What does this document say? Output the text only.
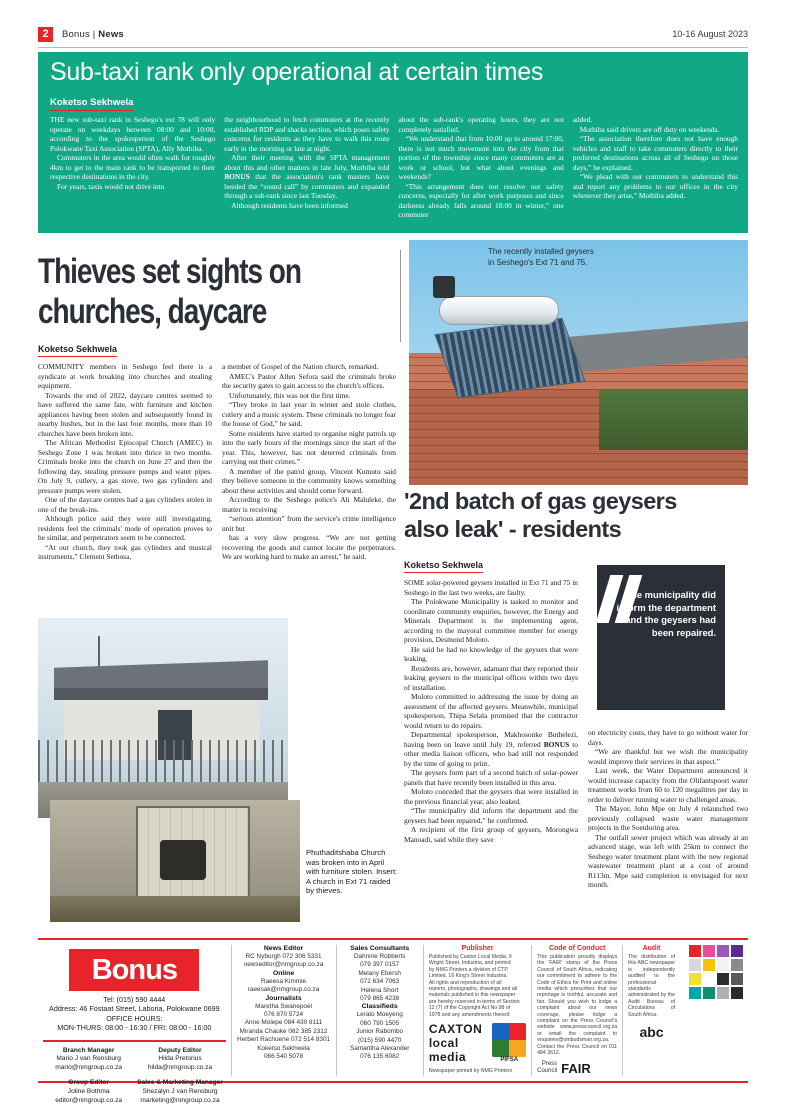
2	Bonus | News	10-16 August 2023
Sub-taxi rank only operational at certain times
Koketso Sekhwela

THE new sub-taxi rank in Seshego's ext 78 will only operate on weekdays between 08:00 and 10:00, according to the spokesperson of the Seshego Polokwane Taxi Association (SPTA), Ally Mothiba.

Commuters in the area would often walk for roughly 4km to get to the main rank to be transported to their respective destinations in the city.

For years, taxis would not drive into

the neighbourhood to fetch commuters at the recently established RDP and shacks section, which poses safety concerns for residents as they have to walk this route early in the morning or late at night.

After their meeting with the SPTA management about this and other matters in late July, Mothiba told BONUS that the association's rank masters have heeded the “sound call” by commuters and expanded through a sub-rank since last Tuesday.

Although residents have been informed

about the sub-rank's operating hours, they are not completely satisfied.

“We understand that from 10:00 up to around 17:00, there is not much movement into the city from that portion of the township since many commuters are at work or school, but what about evenings and weekends?

“This arrangement does not resolve our safety concerns, especially for after work purposes and since darkness already falls around 18:00 in winter,” one commuter

added.

Mothiba said drivers are off duty on weekends.

“The association therefore does not have enough vehicles and staff to take commuters directly to their preferred destinations across all of Seshego on those days,” he explained.

“We plead with our commuters to understand this and report any problems to our offices in the city whenever they arise,” Mothiba added.

Thieves set sights on
churches, daycare
Koketso Sekhwela

COMMUNITY members in Seshego feel there is a syndicate at work breaking into churches and stealing equipment.

Towards the end of 2022, daycare centres seemed to have suffered the same fate, with furniture and kitchen appliances having been stolen and subsequently found in nearby bushes, but in the last four months, more than 10 churches have been broken into.

The African Methodist Episcopal Church (AMEC) in Seshego Zone 1 was broken into thrice in two months. Criminals broke into the church on June 27 and then the following day, stealing pressure pumps and water pipes. On July 9, cutlery, a gas stove, two gas cylinders and pressure pumps were stolen.

One of the daycare centres had a gas cylinders stolen in one of the break-ins.

Although police said they were still investigating, residents feel the criminals' mode of operation proves to be similar, and perpetrators seem to be connected.

“At our church, they took gas cylinders and musical instruments,” Clement Sethosa,

a member of Gospel of the Nation church, remarked.

AMEC's Pastor Allen Sefora said the criminals broke the security gates to gain access to the church's offices.

Unfortunately, this was not the first time.

“They broke in last year in winter and stole clothes, cutlery and a music system. These criminals no longer fear the house of God,” he said.

Some residents have started to organise night patrols up into the early hours of the mornings since the start of the year. This, however, has not deterred criminals from carrying out their crimes.”

A member of the patrol group, Vincent Kumutu said they believe someone in the community knows something about these activities and should come forward.

According to the Seshego police's Ali Maluleke, the matter is receiving

“serious attention” from the service's crime intelligence unit but

has a very slow progress. “We are not getting recovering the goods and cannot locate the perpetrators. We are working hard to make an arrest,” he said.

The recently installed geysers in Seshego's Ext 71 and 75.
'2nd batch of gas geysers
also leak' - residents
Koketso Sekhwela

SOME solar-powered geysers installed in Ext 71 and 75 in Seshego in the last two weeks, are faulty.

The Polokwane Municipality is tasked to monitor and coordinate community enquiries, however, the Energy and Minerals Department is the implementing agent, according to the mayoral committee member for energy provision, Desmond Moloto.

He said he had no knowledge of the geysers that were leaking.

Residents are, however, adamant that they reported their leaking geysers to the municipal offices within two days of installation.

Moloto committed to addressing the issue by doing an assessment of the affected geysers. Meanwhile, municipal spokesperson, Thipa Selala promised that the contractor would return to do repairs.

Departmental spokesperson, Makhosonke Buthelezi, having been on leave until July 19, referred BONUS to other media liaison officers, who had still not responded by the time of going to print.

The geysers form part of a second batch of solar-power panels that have recently been installed in this area.

Moloto conceded that the geysers that were installed in the previous financial year, also leaked.

“The municipality did inform the department and the geysers had been repaired,” he confirmed.

A recipient of the first group of geysers, Morongwa Manoadi, said while they save

on electricity costs, they have to go without water for days.

“We are thankful but we wish the municipality would improve their services in that aspect.”

Last week, the Water Department announced it would increase capacity from the Olifantspoort water treatment works from 60 to 120 megalitres per day in order to deliver running water to challenged areas.

The Mayor, John Mpe on July 4 relaunched two previously collapsed waste water management projects in the Soetdoring area.

The outfall sewer project which was already at an advanced stage, was left with 25km to connect the Seshego water treatment plant with the new regional wastewater treatment plant at a cost of around R113m. Mpe said completion is envisaged for next month.

The municipality did inform the department and the geysers had been repaired.
Phuthaditshaba Church was broken into in April with furniture stolen. Insert: A church in Ext 71 raided by thieves.
Bonus
Tel: (015) 590 4444
Address: 46 Fostaat Street, Laboria, Polokwane 0699
OFFICE HOURS:
MON-THURS: 08:00 - 16:30 / FRI: 08:00 - 16:00

Branch Manager
Mario J van Rensburg
mario@nmgroup.co.za

Group Editor
Joline Bothma
editor@nmgroup.co.za

Deputy Editor
Hilda Pretorius
hilda@nmgroup.co.za

Sales & Marketing Manager
Shezalyn J van Rensburg
marketing@nmgroup.co.za

News Editor
RC Nyburgh 072 306 5331
newseditor@nmgroup.co.za
Online
Raeesa Kimmie
raeesak@nmgroup.co.za
Journalists
Maretha Swanepoel
076 870 5724
Anne Molepe 084 430 8111
Miranda Chauke 082 385 2312
Herbert Rachuene 072 514 8301
Koketso Sekhwela
066 540 5078
Sales Consultants
Dahnine Robberts
079 397 0157
Melany Ebersh
072 634 7063
Helena Short
079 865 4238
Classifieds
Lerato Moeyeng
060 790 1505
Junior Rabombo
(015) 590 4470
Samantha Alexander
076 135 6082
Publisher
Published by Caxton Local Media, 9
Wright Street, Industria, and printed
by NMG Printers a division of CTP
Limited, 16 King's Street Industria.
All rights and reproduction of all
reports, photographs, drawings and all
materials published in this newspaper
are hereby reserved in terms of Section
12 (7) of the Copyright Act No 98 of
1978 and any amendments thereof.
CAXTON local media	PIFSA
Newspaper printed by NMG Printers
Code of Conduct
This publication proudly displays the 'FAIR' stamp of the Press Council of South Africa, indicating our commitment to adhere to the Code of Ethics for Print and online media which prescribes that our reportage is truthful, accurate and fair. Should you wish to lodge a complaint about our news coverage, please lodge a complaint on the Press Council's website www.presscouncil.org.za or email the complaint to enquiries@ombudsman.org.za. Contact the Press Council on 011 484 3612.
Press
Council FAIR
Audit
The distribution of this ABC newspaper is independently audited to the professional standards administrated by the Audit Bureau of Circulations of South Africa.
abc
